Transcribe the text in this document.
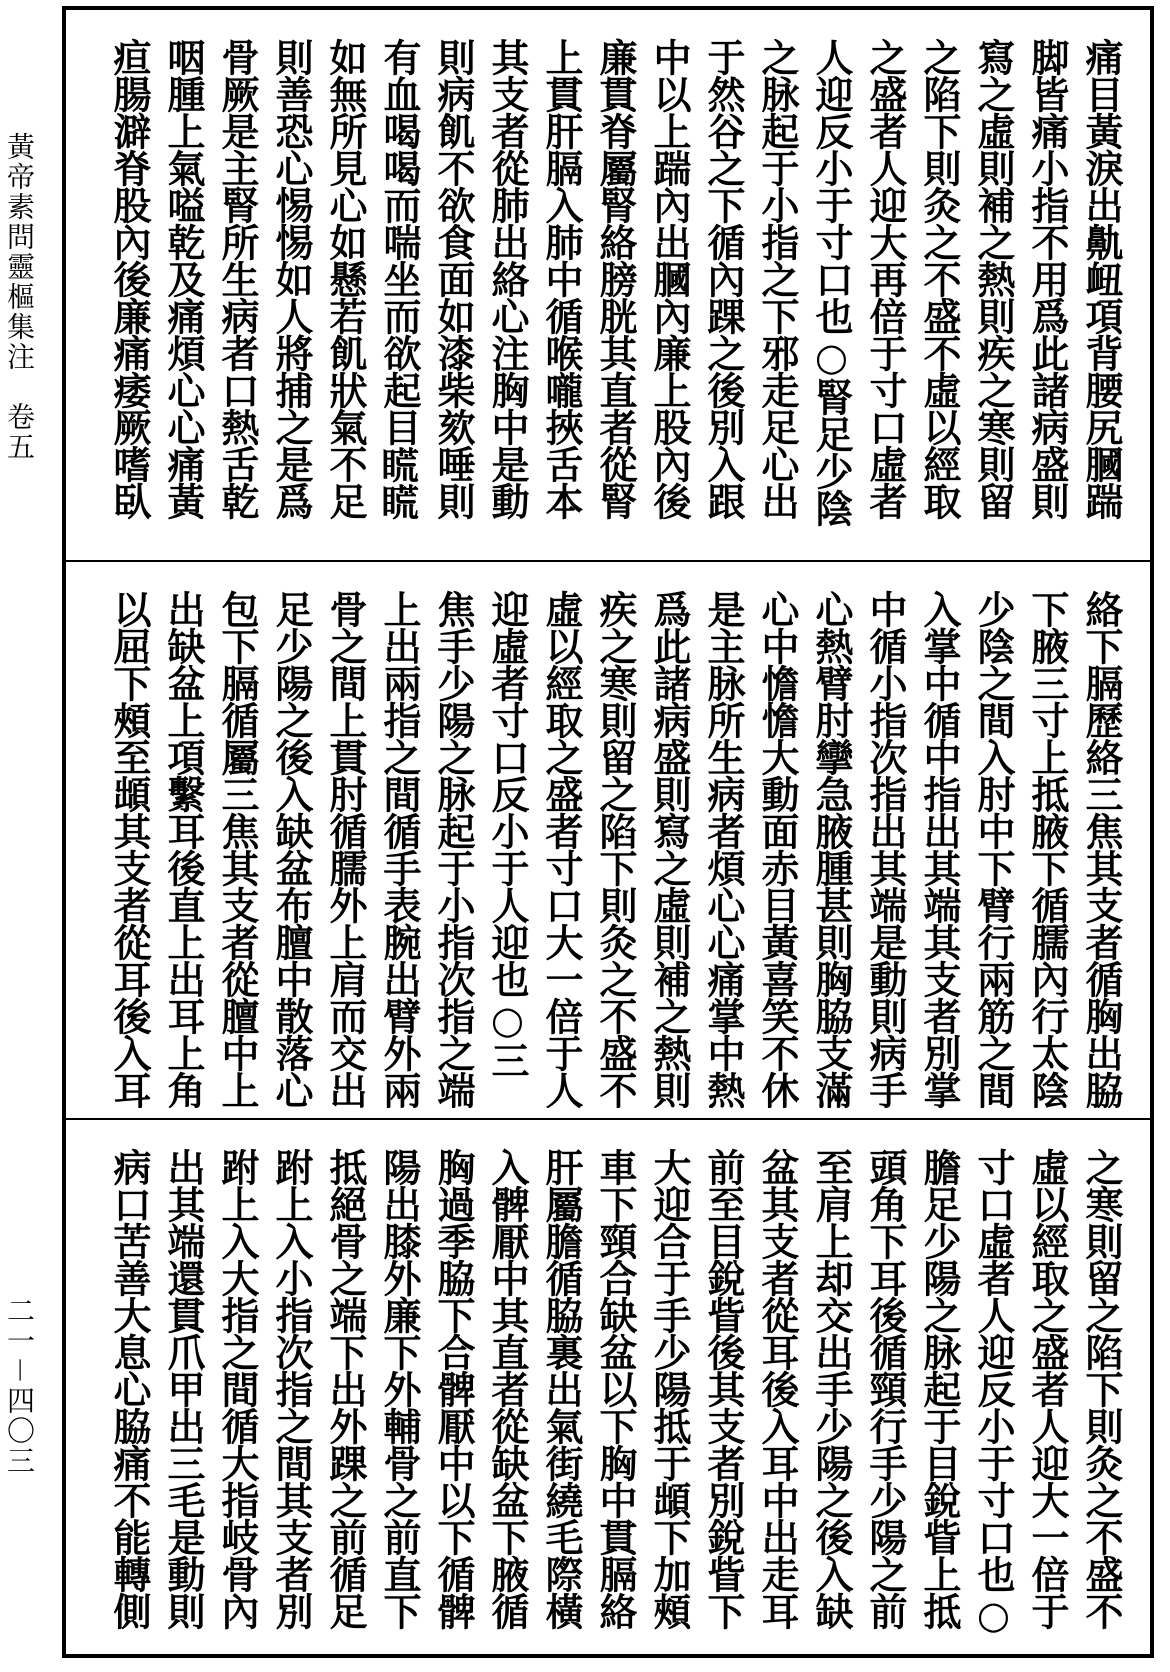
黃帝素問靈樞集注　卷五
二一－四〇三
痛目黃淚出鼽衄項背腰尻膕踹脚皆痛小指不用爲此諸病盛則寫之虛則補之熱則疾之寒則留之陷下則灸之不盛不虛以經取之盛者人迎大再倍于寸口虛者人迎反小于寸口也○腎足少陰之脉起于小指之下邪走足心出于然谷之下循內踝之後別入跟中以上踹內出膕內廉上股內後廉貫脊屬腎絡膀胱其直者從腎上貫肝膈入肺中循喉嚨挾舌本其支者從肺出絡心注胸中是動則病飢不欲食面如漆柴欬唾則有血喝喝而喘坐而欲起目𥉂𥉂如無所見心如懸若飢狀氣不足則善恐心惕惕如人將捕之是爲骨厥是主腎所生病者口熱舌乾咽腫上氣嗌乾及痛煩心心痛黃疸腸澼脊股內後廉痛痿厥嗜臥
絡下膈歷絡三焦其支者循胸出脇下腋三寸上抵腋下循臑內行太陰少陰之間入肘中下臂行兩筋之間入掌中循中指出其端其支者別掌中循小指次指出其端是動則病手心熱臂肘攣急腋腫甚則胸脇支滿心中憺憺大動面赤目黃喜笑不休是主脉所生病者煩心心痛掌中熱爲此諸病盛則寫之虛則補之熱則疾之寒則留之陷下則灸之不盛不虛以經取之盛者寸口大一倍于人迎虛者寸口反小于人迎也○三焦手少陽之脉起于小指次指之端上出兩指之間循手表腕出臂外兩骨之間上貫肘循臑外上肩而交出足少陽之後入缺盆布膻中散落心包下膈循屬三焦其支者從膻中上出缺盆上項繫耳後直上出耳上角以屈下頰至䪼其支者從耳後入耳
之寒則留之陷下則灸之不盛不虛以經取之盛者人迎大一倍于寸口虛者人迎反小于寸口也○膽足少陽之脉起于目銳眥上抵頭角下耳後循頸行手少陽之前至肩上却交出手少陽之後入缺盆其支者從耳後入耳中出走耳前至目銳眥後其支者別銳眥下大迎合于手少陽抵于䪼下加頰車下頸合缺盆以下胸中貫膈絡肝屬膽循脇裏出氣街繞毛際橫入髀厭中其直者從缺盆下腋循胸過季脇下合髀厭中以下循髀陽出膝外廉下外輔骨之前直下抵絕骨之端下出外踝之前循足跗上入小指次指之間其支者別跗上入大指之間循大指岐骨內出其端還貫爪甲出三毛是動則病口苦善大息心脇痛不能轉側
